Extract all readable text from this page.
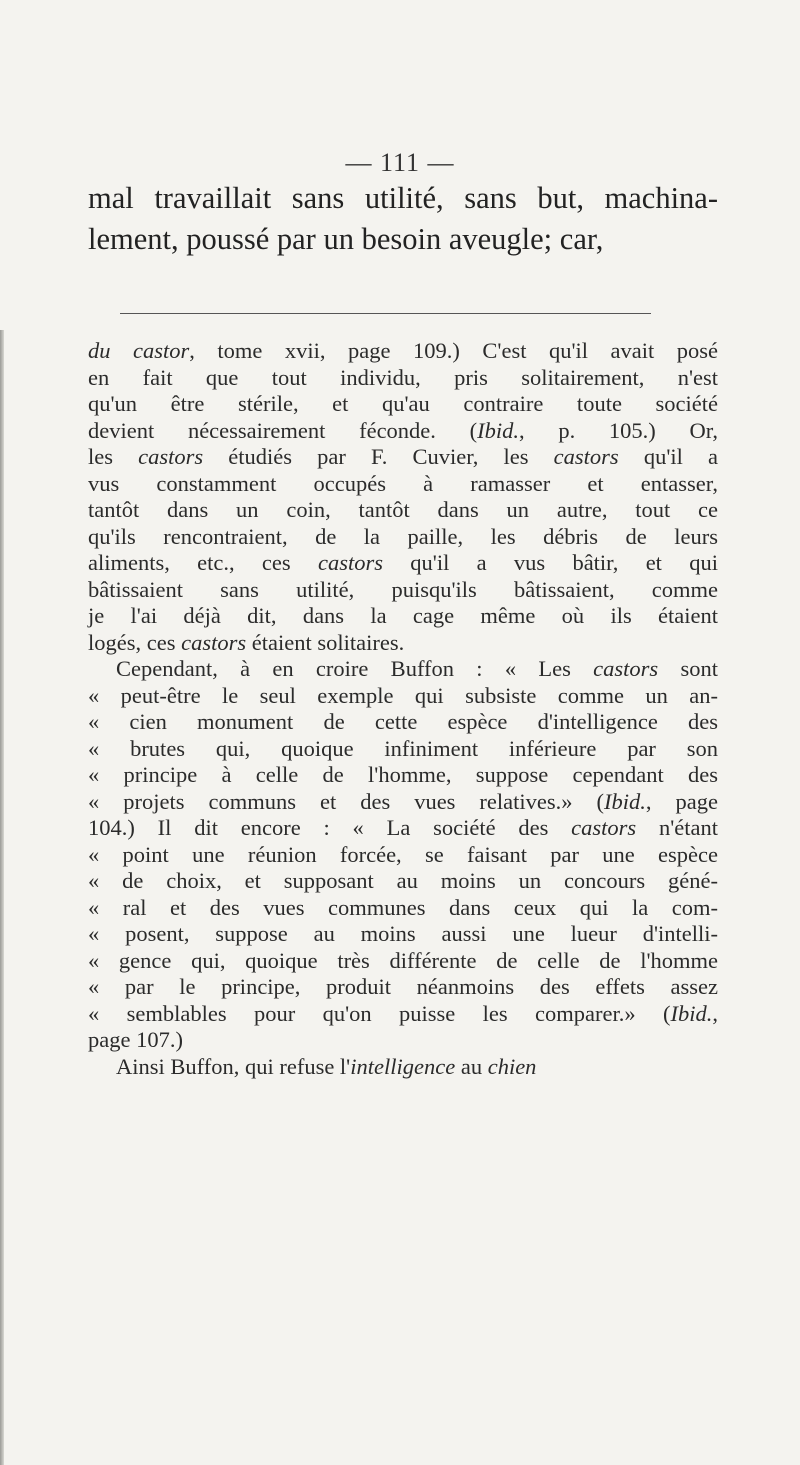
— 111 —
mal travaillait sans utilité, sans but, machina-
lement, poussé par un besoin aveugle; car,
du castor, tome xvii, page 109.) C'est qu'il avait posé
en fait que tout individu, pris solitairement, n'est
qu'un être stérile, et qu'au contraire toute société
devient nécessairement féconde. (Ibid., p. 105.) Or,
les castors étudiés par F. Cuvier, les castors qu'il a
vus constamment occupés à ramasser et entasser,
tantôt dans un coin, tantôt dans un autre, tout ce
qu'ils rencontraient, de la paille, les débris de leurs
aliments, etc., ces castors qu'il a vus bâtir, et qui
bâtissaient sans utilité, puisqu'ils bâtissaient, comme
je l'ai déjà dit, dans la cage même où ils étaient
logés, ces castors étaient solitaires.
Cependant, à en croire Buffon : « Les castors sont
« peut-être le seul exemple qui subsiste comme un an-
« cien monument de cette espèce d'intelligence des
« brutes qui, quoique infiniment inférieure par son
« principe à celle de l'homme, suppose cependant des
« projets communs et des vues relatives.» (Ibid., page
104.) Il dit encore : « La société des castors n'étant
« point une réunion forcée, se faisant par une espèce
« de choix, et supposant au moins un concours géné-
« ral et des vues communes dans ceux qui la com-
« posent, suppose au moins aussi une lueur d'intelli-
« gence qui, quoique très différente de celle de l'homme
« par le principe, produit néanmoins des effets assez
« semblables pour qu'on puisse les comparer.» (Ibid.,
page 107.)
Ainsi Buffon, qui refuse l'intelligence au chien
